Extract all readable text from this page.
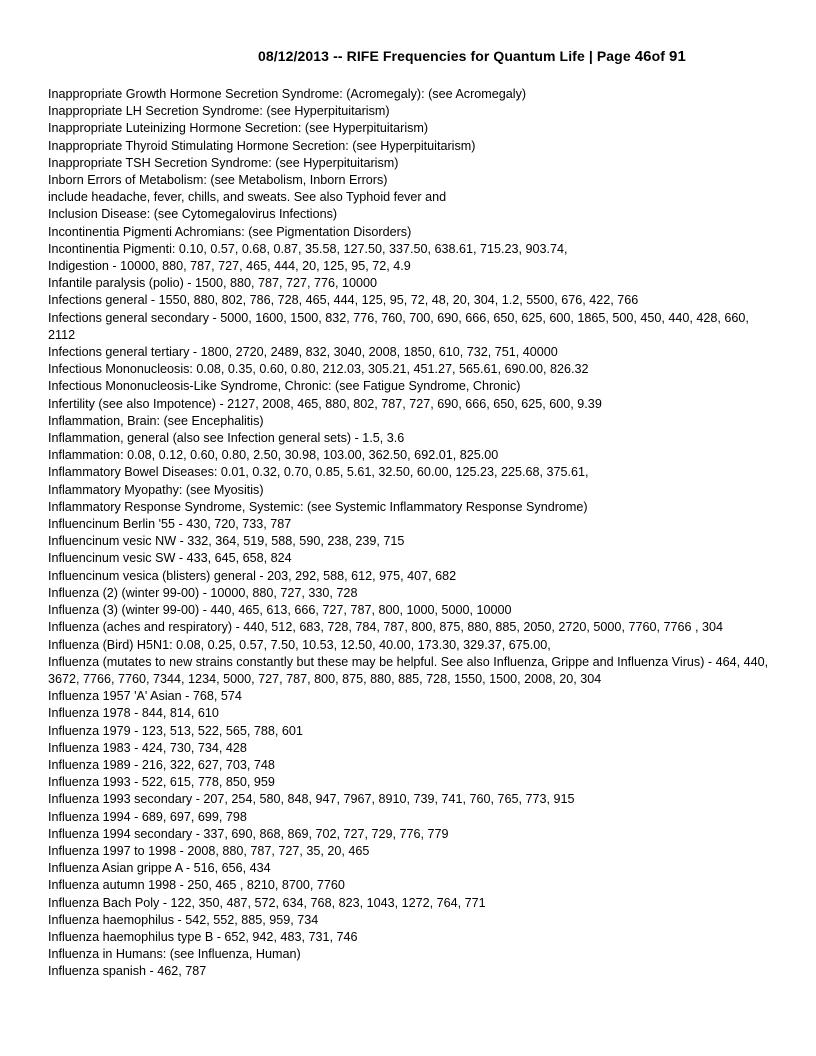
08/12/2013 -- RIFE Frequencies for Quantum Life | Page 46of 91

Inappropriate Growth Hormone Secretion Syndrome: (Acromegaly): (see Acromegaly)

Inappropriate LH Secretion Syndrome: (see Hyperpituitarism)

Inappropriate Luteinizing Hormone Secretion: (see Hyperpituitarism)

Inappropriate Thyroid Stimulating Hormone Secretion: (see Hyperpituitarism)

Inappropriate TSH Secretion Syndrome: (see Hyperpituitarism)

Inborn Errors of Metabolism: (see Metabolism, Inborn Errors)

include headache, fever, chills, and sweats. See also Typhoid fever and

Inclusion Disease: (see Cytomegalovirus Infections)

Incontinentia Pigmenti Achromians: (see Pigmentation Disorders)

Incontinentia Pigmenti: 0.10, 0.57, 0.68, 0.87, 35.58, 127.50, 337.50, 638.61, 715.23, 903.74,

Indigestion - 10000, 880, 787, 727, 465, 444, 20, 125, 95, 72, 4.9

Infantile paralysis (polio) - 1500, 880, 787, 727, 776, 10000

Infections general - 1550, 880, 802, 786, 728, 465, 444, 125, 95, 72, 48, 20, 304, 1.2, 5500, 676, 422, 766

Infections general secondary - 5000, 1600, 1500, 832, 776, 760, 700, 690, 666, 650, 625, 600, 1865, 500, 450, 440, 428, 660, 2112

Infections general tertiary - 1800, 2720, 2489, 832, 3040, 2008, 1850, 610, 732, 751, 40000

Infectious Mononucleosis: 0.08, 0.35, 0.60, 0.80, 212.03, 305.21, 451.27, 565.61, 690.00, 826.32

Infectious Mononucleosis-Like Syndrome, Chronic: (see Fatigue Syndrome, Chronic)

Infertility (see also Impotence) - 2127, 2008, 465, 880, 802, 787, 727, 690, 666, 650, 625, 600, 9.39

Inflammation, Brain: (see Encephalitis)

Inflammation, general (also see Infection general sets) - 1.5, 3.6

Inflammation: 0.08, 0.12, 0.60, 0.80, 2.50, 30.98, 103.00, 362.50, 692.01, 825.00

Inflammatory Bowel Diseases: 0.01, 0.32, 0.70, 0.85, 5.61, 32.50, 60.00, 125.23, 225.68, 375.61,

Inflammatory Myopathy: (see Myositis)

Inflammatory Response Syndrome, Systemic: (see Systemic Inflammatory Response Syndrome)

Influencinum Berlin '55 - 430, 720, 733, 787

Influencinum vesic NW - 332, 364, 519, 588, 590, 238, 239, 715

Influencinum vesic SW - 433, 645, 658, 824

Influencinum vesica (blisters) general - 203, 292, 588, 612, 975, 407, 682

Influenza (2) (winter 99-00) - 10000, 880, 727, 330, 728

Influenza (3) (winter 99-00) - 440, 465, 613, 666, 727, 787, 800, 1000, 5000, 10000

Influenza (aches and respiratory) - 440, 512, 683, 728, 784, 787, 800, 875, 880, 885, 2050, 2720, 5000, 7760, 7766 , 304

Influenza (Bird) H5N1: 0.08, 0.25, 0.57, 7.50, 10.53, 12.50, 40.00, 173.30, 329.37, 675.00,

Influenza (mutates to new strains constantly but these may be helpful. See also Influenza, Grippe and Influenza Virus) - 464, 440, 3672, 7766, 7760, 7344, 1234, 5000, 727, 787, 800, 875, 880, 885, 728, 1550, 1500, 2008, 20, 304

Influenza 1957 'A' Asian - 768, 574

Influenza 1978 - 844, 814, 610

Influenza 1979 - 123, 513, 522, 565, 788, 601

Influenza 1983 - 424, 730, 734, 428

Influenza 1989 - 216, 322, 627, 703, 748

Influenza 1993 - 522, 615, 778, 850, 959

Influenza 1993 secondary - 207, 254, 580, 848, 947, 7967, 8910, 739, 741, 760, 765, 773, 915

Influenza 1994 - 689, 697, 699, 798

Influenza 1994 secondary - 337, 690, 868, 869, 702, 727, 729, 776, 779

Influenza 1997 to 1998 - 2008, 880, 787, 727, 35, 20, 465

Influenza Asian grippe A - 516, 656, 434

Influenza autumn 1998 - 250, 465 , 8210, 8700, 7760

Influenza Bach Poly - 122, 350, 487, 572, 634, 768, 823, 1043, 1272, 764, 771

Influenza haemophilus - 542, 552, 885, 959, 734

Influenza haemophilus type B - 652, 942, 483, 731, 746

Influenza in Humans: (see Influenza, Human)

Influenza spanish - 462, 787
